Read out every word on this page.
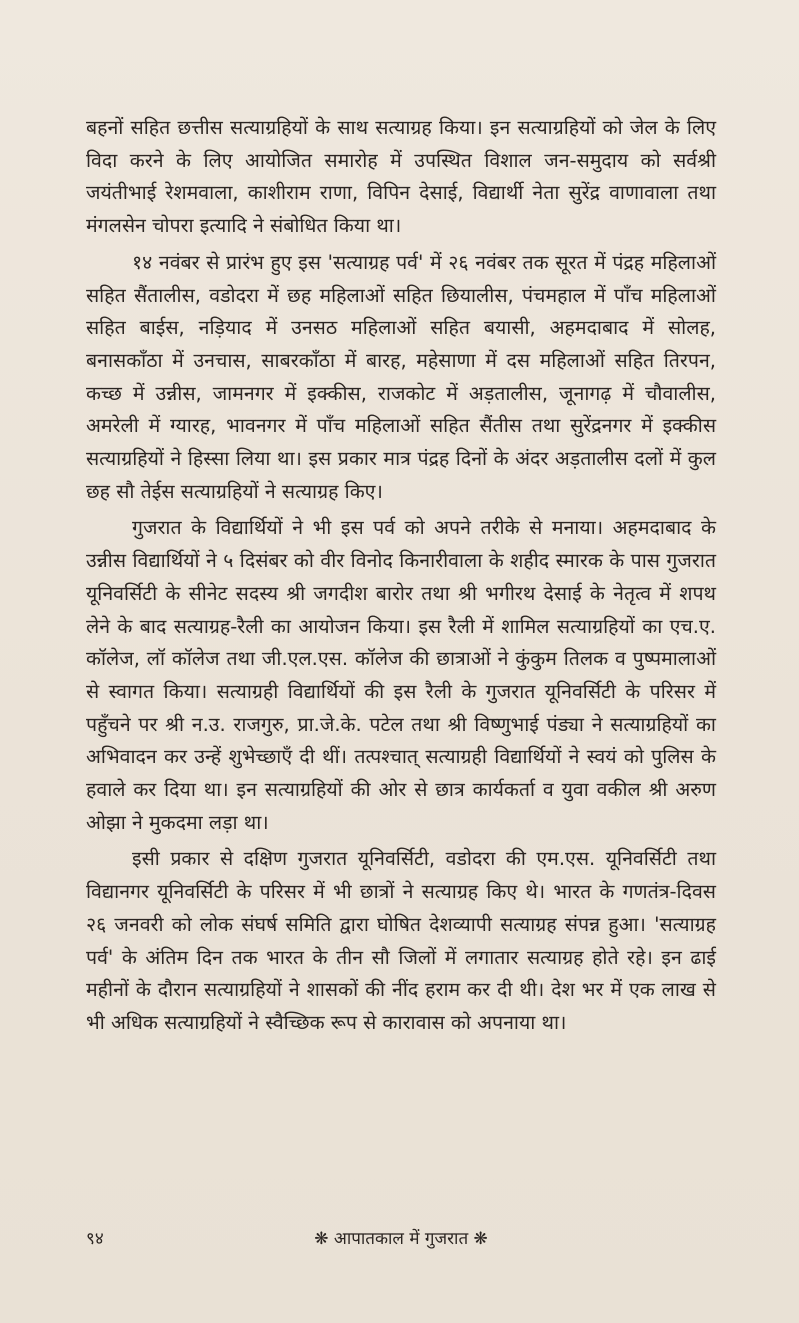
बहनों सहित छत्तीस सत्याग्रहियों के साथ सत्याग्रह किया। इन सत्याग्रहियों को जेल के लिए विदा करने के लिए आयोजित समारोह में उपस्थित विशाल जन-समुदाय को सर्वश्री जयंतीभाई रेशमवाला, काशीराम राणा, विपिन देसाई, विद्यार्थी नेता सुरेंद्र वाणावाला तथा मंगलसेन चोपरा इत्यादि ने संबोधित किया था।

१४ नवंबर से प्रारंभ हुए इस 'सत्याग्रह पर्व' में २६ नवंबर तक सूरत में पंद्रह महिलाओं सहित सैंतालीस, वडोदरा में छह महिलाओं सहित छियालीस, पंचमहाल में पाँच महिलाओं सहित बाईस, नड़ियाद में उनसठ महिलाओं सहित बयासी, अहमदाबाद में सोलह, बनासकाँठा में उनचास, साबरकाँठा में बारह, महेसाणा में दस महिलाओं सहित तिरपन, कच्छ में उन्नीस, जामनगर में इक्कीस, राजकोट में अड़तालीस, जूनागढ़ में चौवालीस, अमरेली में ग्यारह, भावनगर में पाँच महिलाओं सहित सैंतीस तथा सुरेंद्रनगर में इक्कीस सत्याग्रहियों ने हिस्सा लिया था। इस प्रकार मात्र पंद्रह दिनों के अंदर अड़तालीस दलों में कुल छह सौ तेईस सत्याग्रहियों ने सत्याग्रह किए।

गुजरात के विद्यार्थियों ने भी इस पर्व को अपने तरीके से मनाया। अहमदाबाद के उन्नीस विद्यार्थियों ने ५ दिसंबर को वीर विनोद किनारीवाला के शहीद स्मारक के पास गुजरात यूनिवर्सिटी के सीनेट सदस्य श्री जगदीश बारोर तथा श्री भगीरथ देसाई के नेतृत्व में शपथ लेने के बाद सत्याग्रह-रैली का आयोजन किया। इस रैली में शामिल सत्याग्रहियों का एच.ए. कॉलेज, लॉ कॉलेज तथा जी.एल.एस. कॉलेज की छात्राओं ने कुंकुम तिलक व पुष्पमालाओं से स्वागत किया। सत्याग्रही विद्यार्थियों की इस रैली के गुजरात यूनिवर्सिटी के परिसर में पहुँचने पर श्री न.उ. राजगुरु, प्रा.जे.के. पटेल तथा श्री विष्णुभाई पंड्या ने सत्याग्रहियों का अभिवादन कर उन्हें शुभेच्छाएँ दी थीं। तत्पश्चात् सत्याग्रही विद्यार्थियों ने स्वयं को पुलिस के हवाले कर दिया था। इन सत्याग्रहियों की ओर से छात्र कार्यकर्ता व युवा वकील श्री अरुण ओझा ने मुकदमा लड़ा था।

इसी प्रकार से दक्षिण गुजरात यूनिवर्सिटी, वडोदरा की एम.एस. यूनिवर्सिटी तथा विद्यानगर यूनिवर्सिटी के परिसर में भी छात्रों ने सत्याग्रह किए थे। भारत के गणतंत्र-दिवस २६ जनवरी को लोक संघर्ष समिति द्वारा घोषित देशव्यापी सत्याग्रह संपन्न हुआ। 'सत्याग्रह पर्व' के अंतिम दिन तक भारत के तीन सौ जिलों में लगातार सत्याग्रह होते रहे। इन ढाई महीनों के दौरान सत्याग्रहियों ने शासकों की नींद हराम कर दी थी। देश भर में एक लाख से भी अधिक सत्याग्रहियों ने स्वैच्छिक रूप से कारावास को अपनाया था।

९४	❋ आपातकाल में गुजरात ❋
